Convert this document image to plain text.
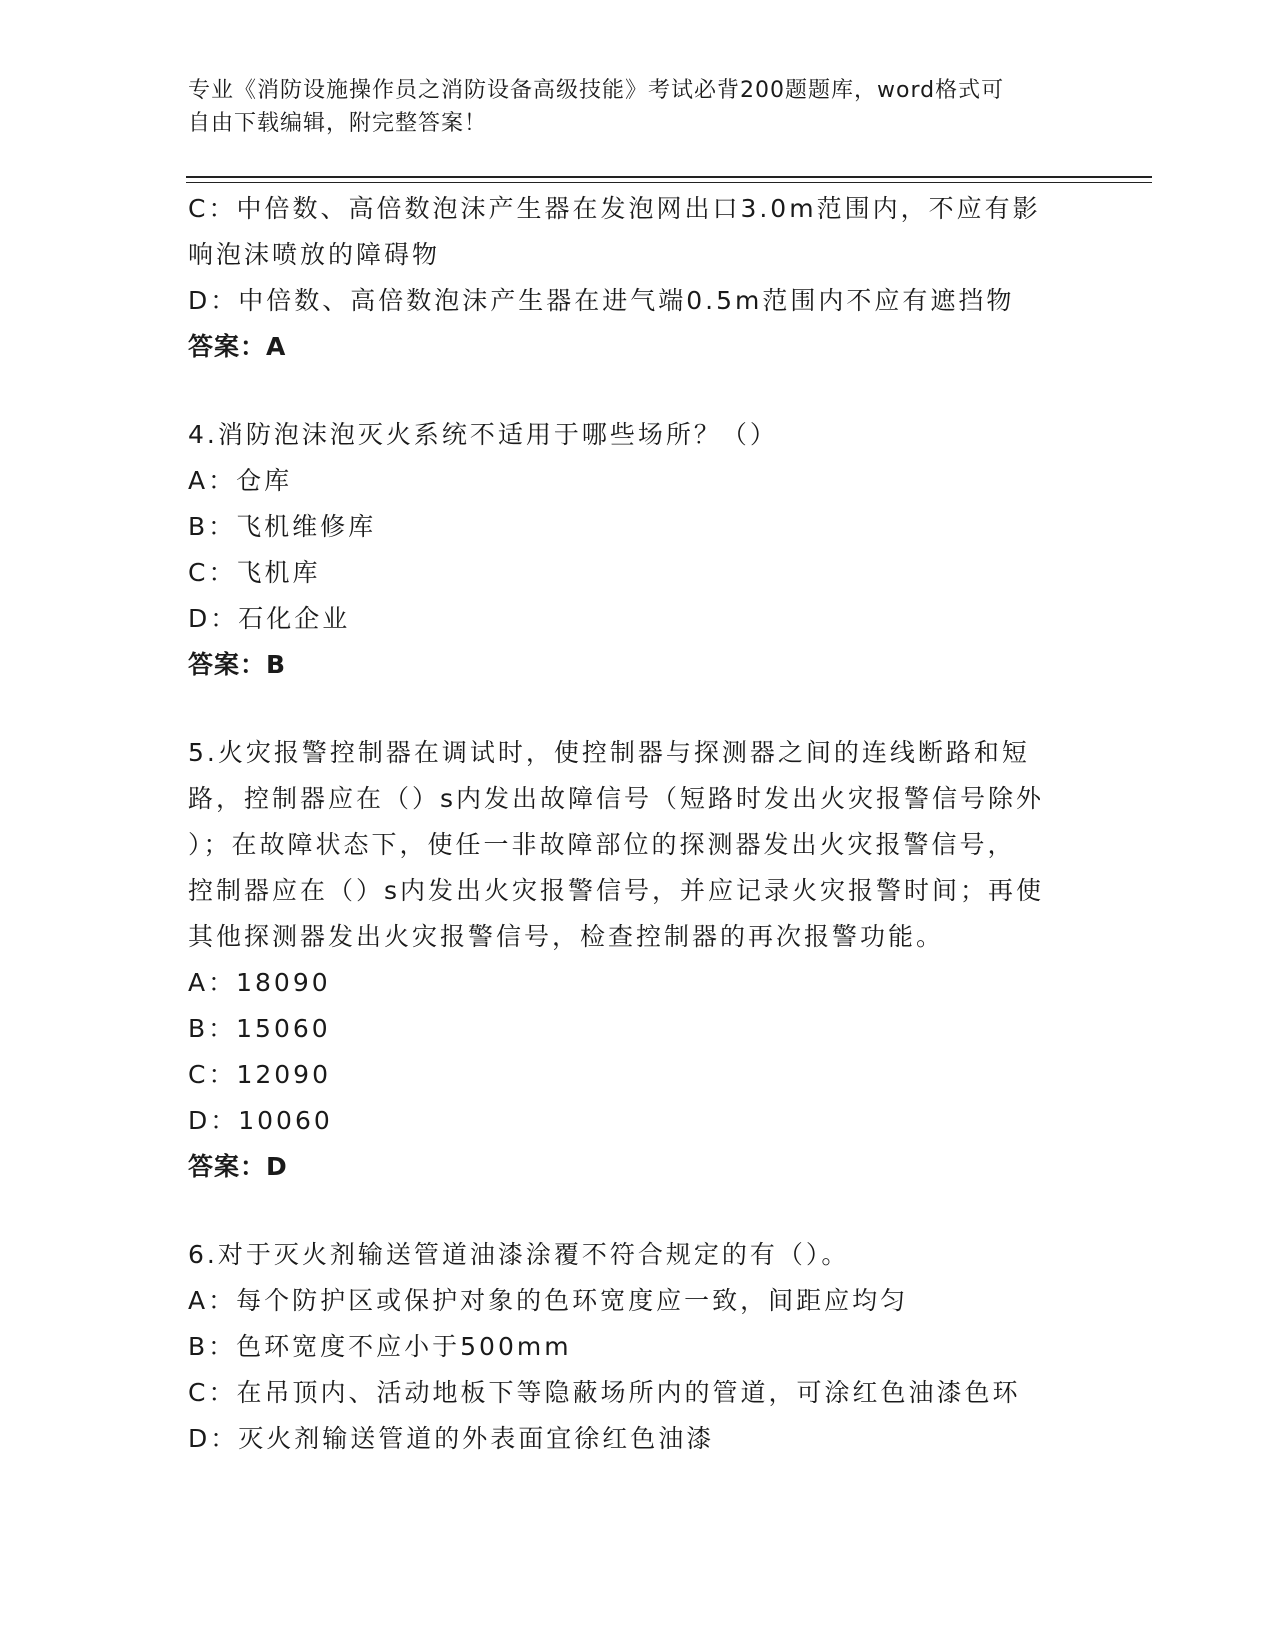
专业《消防设施操作员之消防设备高级技能》考试必背200题题库，word格式可
自由下载编辑，附完整答案！
C：中倍数、高倍数泡沫产生器在发泡网出口3.0m范围内，不应有影
响泡沫喷放的障碍物
D：中倍数、高倍数泡沫产生器在进气端0.5m范围内不应有遮挡物
答案：A
4.消防泡沫泡灭火系统不适用于哪些场所？（）
A：仓库
B：飞机维修库
C：飞机库
D：石化企业
答案：B
5.火灾报警控制器在调试时，使控制器与探测器之间的连线断路和短
路，控制器应在（）s内发出故障信号（短路时发出火灾报警信号除外
）；在故障状态下，使任一非故障部位的探测器发出火灾报警信号，
控制器应在（）s内发出火灾报警信号，并应记录火灾报警时间；再使
其他探测器发出火灾报警信号，检查控制器的再次报警功能。
A：18090
B：15060
C：12090
D：10060
答案：D
6.对于灭火剂输送管道油漆涂覆不符合规定的有（）。
A：每个防护区或保护对象的色环宽度应一致，间距应均匀
B：色环宽度不应小于500mm
C：在吊顶内、活动地板下等隐蔽场所内的管道，可涂红色油漆色环
D：灭火剂输送管道的外表面宜徐红色油漆
